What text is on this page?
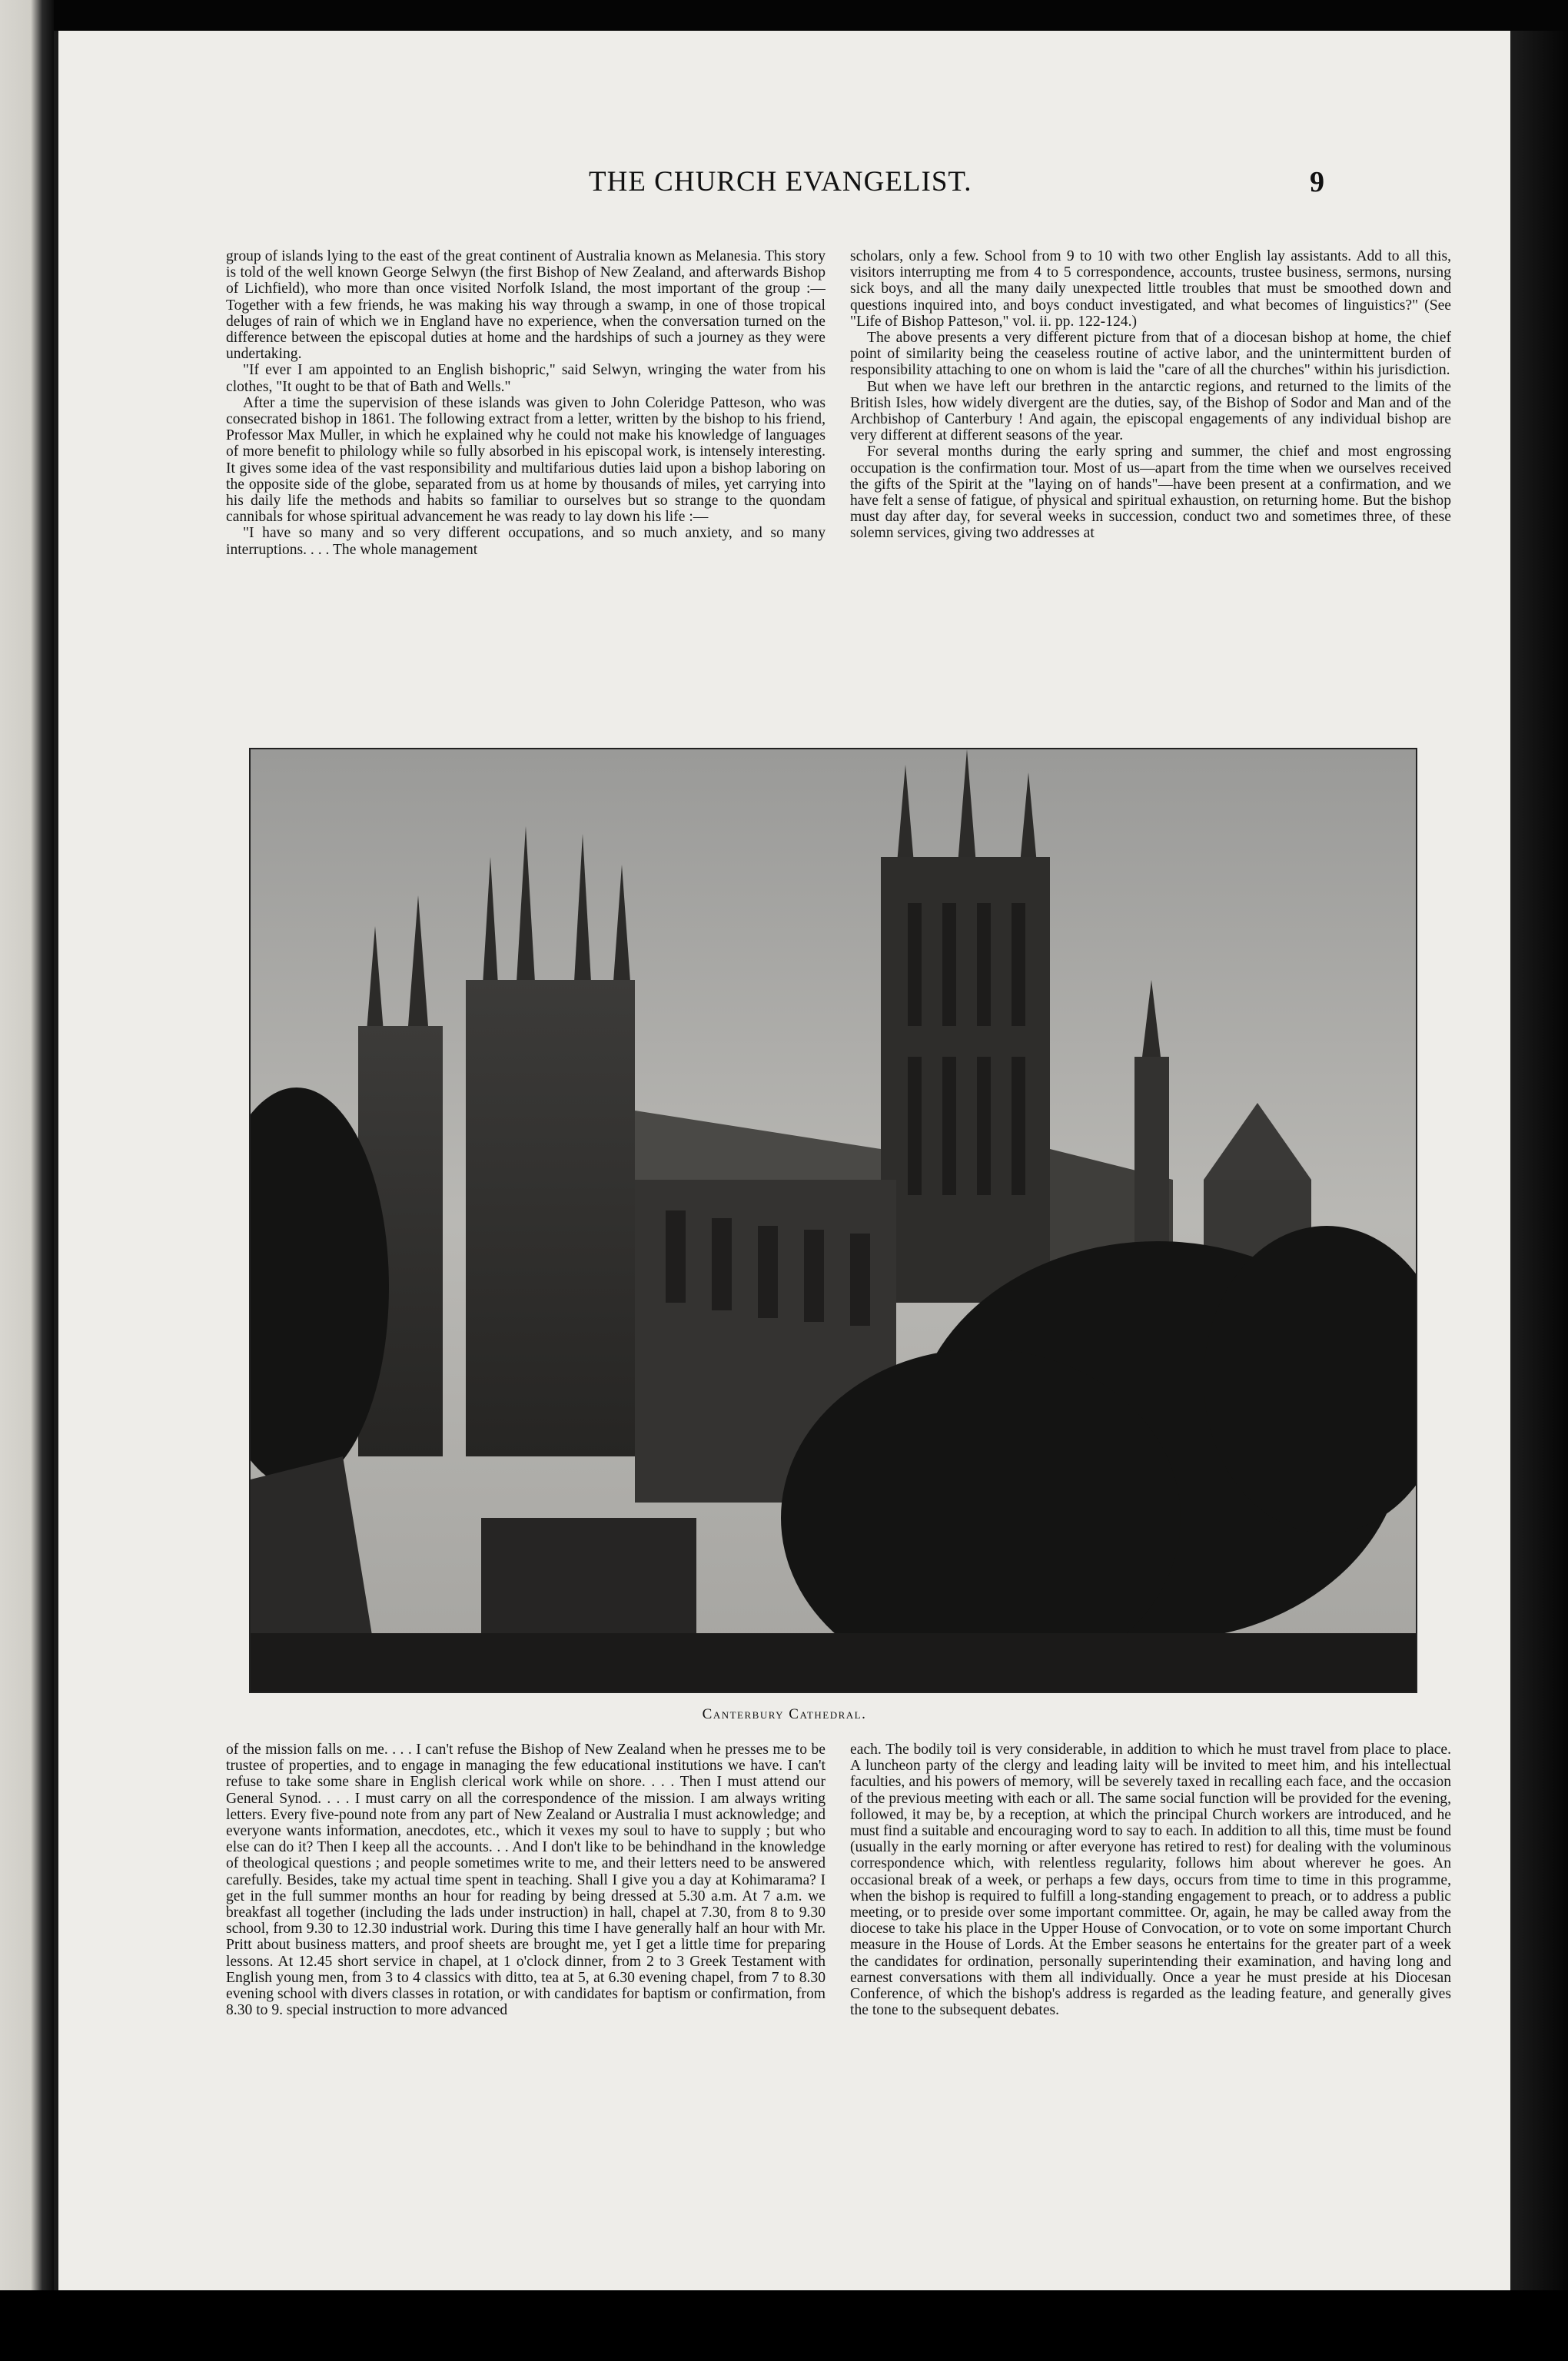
THE CHURCH EVANGELIST.	9

group of islands lying to the east of the great continent of Australia known as Melanesia. This story is told of the well known George Selwyn (the first Bishop of New Zealand, and afterwards Bishop of Lichfield), who more than once visited Norfolk Island, the most important of the group :—Together with a few friends, he was making his way through a swamp, in one of those tropical deluges of rain of which we in England have no experience, when the conversation turned on the difference between the episcopal duties at home and the hardships of such a journey as they were undertaking.

"If ever I am appointed to an English bishopric," said Selwyn, wringing the water from his clothes, "It ought to be that of Bath and Wells."

After a time the supervision of these islands was given to John Coleridge Patteson, who was consecrated bishop in 1861. The following extract from a letter, written by the bishop to his friend, Professor Max Muller, in which he explained why he could not make his knowledge of languages of more benefit to philology while so fully absorbed in his episcopal work, is intensely interesting. It gives some idea of the vast responsibility and multifarious duties laid upon a bishop laboring on the opposite side of the globe, separated from us at home by thousands of miles, yet carrying into his daily life the methods and habits so familiar to ourselves but so strange to the quondam cannibals for whose spiritual advancement he was ready to lay down his life :—

"I have so many and so very different occupations, and so much anxiety, and so many interruptions. . . . The whole management

scholars, only a few. School from 9 to 10 with two other English lay assistants. Add to all this, visitors interrupting me from 4 to 5 correspondence, accounts, trustee business, sermons, nursing sick boys, and all the many daily unexpected little troubles that must be smoothed down and questions inquired into, and boys conduct investigated, and what becomes of linguistics?" (See "Life of Bishop Patteson," vol. ii. pp. 122-124.)

The above presents a very different picture from that of a diocesan bishop at home, the chief point of similarity being the ceaseless routine of active labor, and the unintermittent burden of responsibility attaching to one on whom is laid the "care of all the churches" within his jurisdiction.

But when we have left our brethren in the antarctic regions, and returned to the limits of the British Isles, how widely divergent are the duties, say, of the Bishop of Sodor and Man and of the Archbishop of Canterbury ! And again, the episcopal engagements of any individual bishop are very different at different seasons of the year.

For several months during the early spring and summer, the chief and most engrossing occupation is the confirmation tour. Most of us—apart from the time when we ourselves received the gifts of the Spirit at the "laying on of hands"—have been present at a confirmation, and we have felt a sense of fatigue, of physical and spiritual exhaustion, on returning home. But the bishop must day after day, for several weeks in succession, conduct two and sometimes three, of these solemn services, giving two addresses at

Canterbury Cathedral.

of the mission falls on me. . . . I can't refuse the Bishop of New Zealand when he presses me to be trustee of properties, and to engage in managing the few educational institutions we have. I can't refuse to take some share in English clerical work while on shore. . . . Then I must attend our General Synod. . . . I must carry on all the correspondence of the mission. I am always writing letters. Every five-pound note from any part of New Zealand or Australia I must acknowledge; and everyone wants information, anecdotes, etc., which it vexes my soul to have to supply ; but who else can do it? Then I keep all the accounts. . . And I don't like to be behindhand in the knowledge of theological questions ; and people sometimes write to me, and their letters need to be answered carefully. Besides, take my actual time spent in teaching. Shall I give you a day at Kohimarama? I get in the full summer months an hour for reading by being dressed at 5.30 a.m. At 7 a.m. we breakfast all together (including the lads under instruction) in hall, chapel at 7.30, from 8 to 9.30 school, from 9.30 to 12.30 industrial work. During this time I have generally half an hour with Mr. Pritt about business matters, and proof sheets are brought me, yet I get a little time for preparing lessons. At 12.45 short service in chapel, at 1 o'clock dinner, from 2 to 3 Greek Testament with English young men, from 3 to 4 classics with ditto, tea at 5, at 6.30 evening chapel, from 7 to 8.30 evening school with divers classes in rotation, or with candidates for baptism or confirmation, from 8.30 to 9. special instruction to more advanced

each. The bodily toil is very considerable, in addition to which he must travel from place to place. A luncheon party of the clergy and leading laity will be invited to meet him, and his intellectual faculties, and his powers of memory, will be severely taxed in recalling each face, and the occasion of the previous meeting with each or all. The same social function will be provided for the evening, followed, it may be, by a reception, at which the principal Church workers are introduced, and he must find a suitable and encouraging word to say to each. In addition to all this, time must be found (usually in the early morning or after everyone has retired to rest) for dealing with the voluminous correspondence which, with relentless regularity, follows him about wherever he goes. An occasional break of a week, or perhaps a few days, occurs from time to time in this programme, when the bishop is required to fulfill a long-standing engagement to preach, or to address a public meeting, or to preside over some important committee. Or, again, he may be called away from the diocese to take his place in the Upper House of Convocation, or to vote on some important Church measure in the House of Lords. At the Ember seasons he entertains for the greater part of a week the candidates for ordination, personally superintending their examination, and having long and earnest conversations with them all individually. Once a year he must preside at his Diocesan Conference, of which the bishop's address is regarded as the leading feature, and generally gives the tone to the subsequent debates.
